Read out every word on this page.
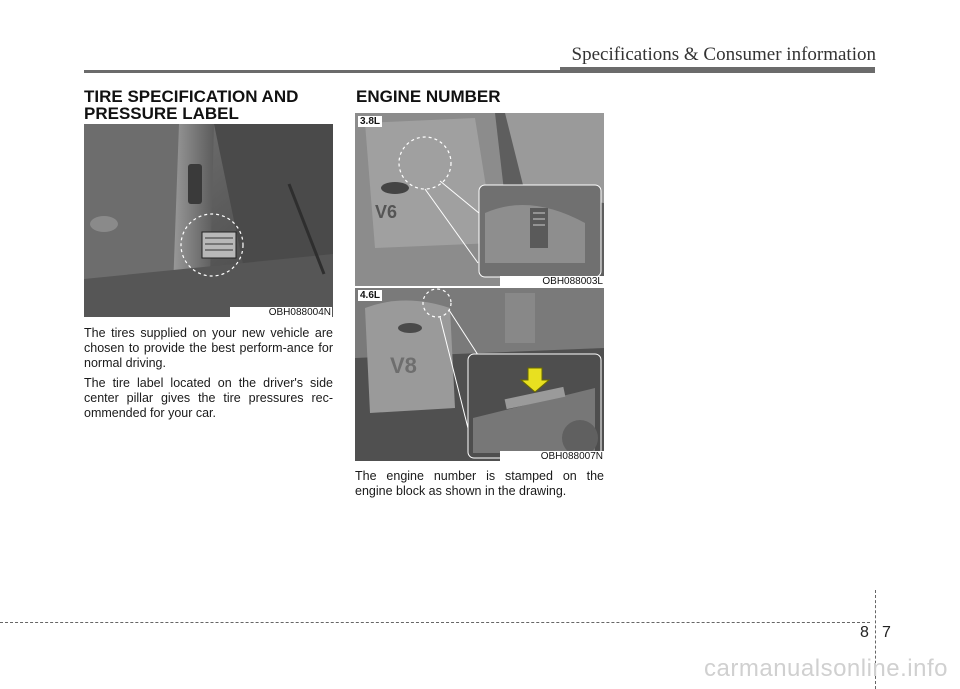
Specifications & Consumer information
TIRE SPECIFICATION AND PRESSURE LABEL
OBH088004N

The tires supplied on your new vehicle are chosen to provide the best perform-ance for normal driving.

The tire label located on the driver's side center pillar gives the tire pressures rec-ommended for your car.

ENGINE NUMBER
V6
3.8L
OBH088003L
V8
4.6L
OBH088007N

The engine number is stamped on the engine block as shown in the drawing.

8 7
carmanualsonline.info
